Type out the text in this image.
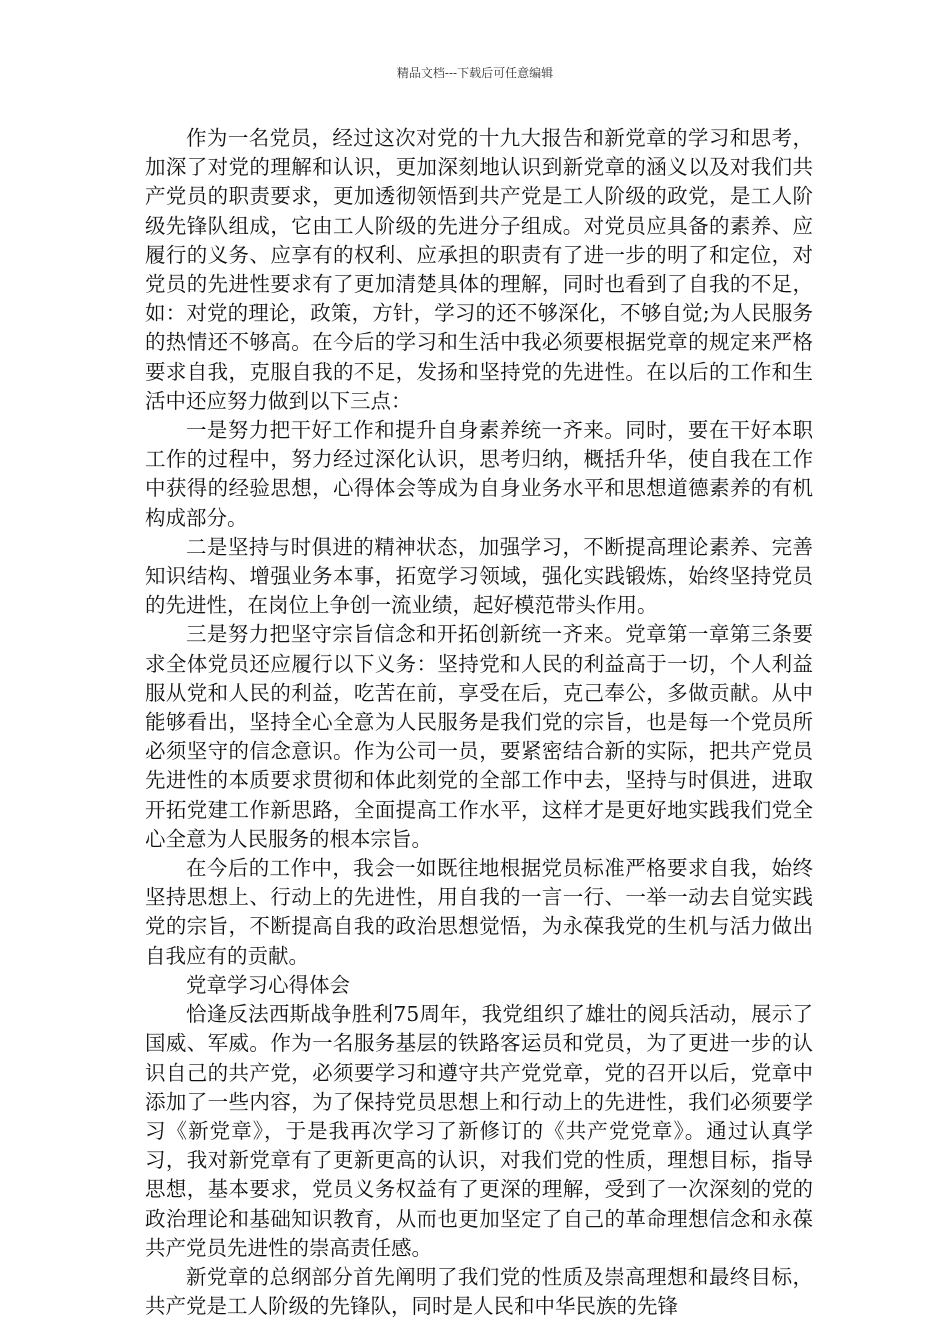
精品文档---下载后可任意编辑

作为一名党员，经过这次对党的十九大报告和新党章的学习和思考，加深了对党的理解和认识，更加深刻地认识到新党章的涵义以及对我们共产党员的职责要求，更加透彻领悟到共产党是工人阶级的政党，是工人阶级先锋队组成，它由工人阶级的先进分子组成。对党员应具备的素养、应履行的义务、应享有的权利、应承担的职责有了进一步的明了和定位，对党员的先进性要求有了更加清楚具体的理解，同时也看到了自我的不足，如：对党的理论，政策，方针，学习的还不够深化，不够自觉;为人民服务的热情还不够高。在今后的学习和生活中我必须要根据党章的规定来严格要求自我，克服自我的不足，发扬和坚持党的先进性。在以后的工作和生活中还应努力做到以下三点：

一是努力把干好工作和提升自身素养统一齐来。同时，要在干好本职工作的过程中，努力经过深化认识，思考归纳，概括升华，使自我在工作中获得的经验思想，心得体会等成为自身业务水平和思想道德素养的有机构成部分。

二是坚持与时俱进的精神状态，加强学习，不断提高理论素养、完善知识结构、增强业务本事，拓宽学习领域，强化实践锻炼，始终坚持党员的先进性，在岗位上争创一流业绩，起好模范带头作用。

三是努力把坚守宗旨信念和开拓创新统一齐来。党章第一章第三条要求全体党员还应履行以下义务：坚持党和人民的利益高于一切，个人利益服从党和人民的利益，吃苦在前，享受在后，克己奉公，多做贡献。从中能够看出，坚持全心全意为人民服务是我们党的宗旨，也是每一个党员所必须坚守的信念意识。作为公司一员，要紧密结合新的实际，把共产党员先进性的本质要求贯彻和体此刻党的全部工作中去，坚持与时俱进，进取开拓党建工作新思路，全面提高工作水平，这样才是更好地实践我们党全心全意为人民服务的根本宗旨。

在今后的工作中，我会一如既往地根据党员标准严格要求自我，始终坚持思想上、行动上的先进性，用自我的一言一行、一举一动去自觉实践党的宗旨，不断提高自我的政治思想觉悟，为永葆我党的生机与活力做出自我应有的贡献。

党章学习心得体会

恰逢反法西斯战争胜利75周年，我党组织了雄壮的阅兵活动，展示了国威、军威。作为一名服务基层的铁路客运员和党员，为了更进一步的认识自己的共产党，必须要学习和遵守共产党党章，党的召开以后，党章中添加了一些内容，为了保持党员思想上和行动上的先进性，我们必须要学习《新党章》，于是我再次学习了新修订的《共产党党章》。通过认真学习，我对新党章有了更新更高的认识，对我们党的性质，理想目标，指导思想，基本要求，党员义务权益有了更深的理解，受到了一次深刻的党的政治理论和基础知识教育，从而也更加坚定了自己的革命理想信念和永葆共产党员先进性的崇高责任感。

新党章的总纲部分首先阐明了我们党的性质及崇高理想和最终目标，共产党是工人阶级的先锋队，同时是人民和中华民族的先锋
